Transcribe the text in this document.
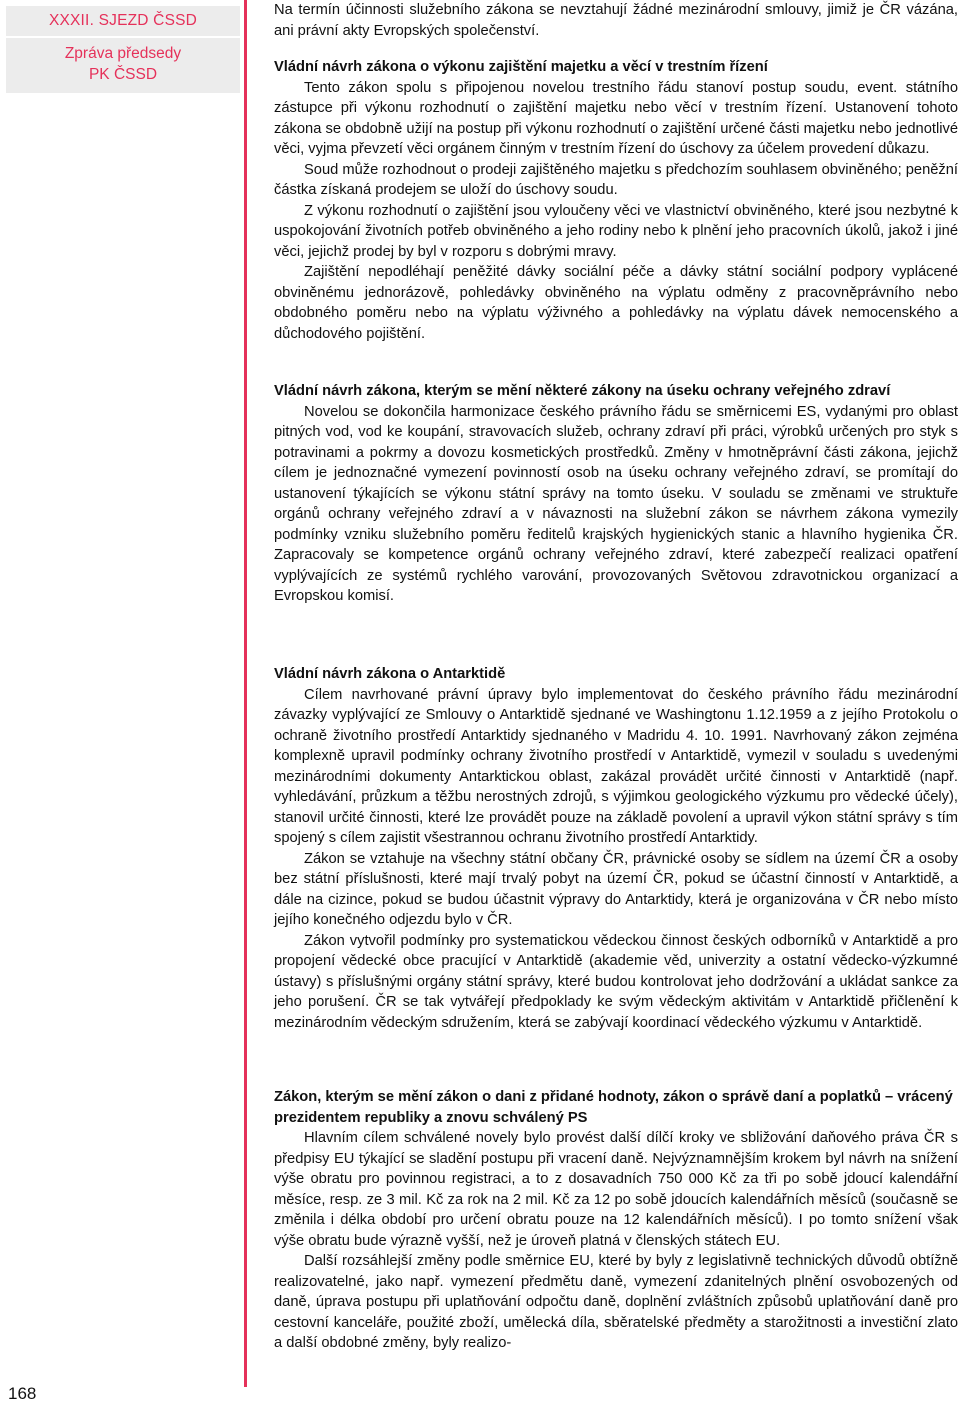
XXXII. SJEZD ČSSD
Zpráva předsedy
PK ČSSD
168

Na termín účinnosti služebního zákona se nevztahují žádné mezinárodní smlouvy, jimiž je ČR vázána, ani právní akty Evropských společenství.

Vládní návrh zákona o výkonu zajištění majetku a věcí v trestním řízení

Tento zákon spolu s připojenou novelou trestního řádu stanoví postup soudu, event. státního zástupce při výkonu rozhodnutí o zajištění majetku nebo věcí v trestním řízení. Ustanovení tohoto zákona se obdobně užijí na postup při výkonu rozhodnutí o zajištění určené části majetku nebo jednotlivé věci, vyjma převzetí věci orgánem činným v trestním řízení do úschovy za účelem provedení důkazu.

Soud může rozhodnout o prodeji zajištěného majetku s předchozím souhlasem obviněného; peněžní částka získaná prodejem se uloží do úschovy soudu.

Z výkonu rozhodnutí o zajištění jsou vyloučeny věci ve vlastnictví obviněného, které jsou nezbytné k uspokojování životních potřeb obviněného a jeho rodiny nebo k plnění jeho pracovních úkolů, jakož i jiné věci, jejichž prodej by byl v rozporu s dobrými mravy.

Zajištění nepodléhají peněžité dávky sociální péče a dávky státní sociální podpory vyplácené obviněnému jednorázově, pohledávky obviněného na výplatu odměny z pracovněprávního nebo obdobného poměru nebo na výplatu výživného a pohledávky na výplatu dávek nemocenského a důchodového pojištění.

Vládní návrh zákona, kterým se mění některé zákony na úseku ochrany veřejného zdraví

Novelou se dokončila harmonizace českého právního řádu se směrnicemi ES, vydanými pro oblast pitných vod, vod ke koupání, stravovacích služeb, ochrany zdraví při práci, výrobků určených pro styk s potravinami a pokrmy a dovozu kosmetických prostředků. Změny v hmotněprávní části zákona, jejichž cílem je jednoznačné vymezení povinností osob na úseku ochrany veřejného zdraví, se promítají do ustanovení týkajících se výkonu státní správy na tomto úseku. V souladu se změnami ve struktuře orgánů ochrany veřejného zdraví a v návaznosti na služební zákon se návrhem zákona vymezily podmínky vzniku služebního poměru ředitelů krajských hygienických stanic a hlavního hygienika ČR. Zapracovaly se kompetence orgánů ochrany veřejného zdraví, které zabezpečí realizaci opatření vyplývajících ze systémů rychlého varování, provozovaných Světovou zdravotnickou organizací a Evropskou komisí.

Vládní návrh zákona o Antarktidě

Cílem navrhované právní úpravy bylo implementovat do českého právního řádu mezinárodní závazky vyplývající ze Smlouvy o Antarktidě sjednané ve Washingtonu 1.12.1959 a z jejího Protokolu o ochraně životního prostředí Antarktidy sjednaného v Madridu 4. 10. 1991. Navrhovaný zákon zejména komplexně upravil podmínky ochrany životního prostředí v Antarktidě, vymezil v souladu s uvedenými mezinárodními dokumenty Antarktickou oblast, zakázal provádět určité činnosti v Antarktidě (např. vyhledávání, průzkum a těžbu nerostných zdrojů, s výjimkou geologického výzkumu pro vědecké účely), stanovil určité činnosti, které lze provádět pouze na základě povolení a upravil výkon státní správy s tím spojený s cílem zajistit všestrannou ochranu životního prostředí Antarktidy.

Zákon se vztahuje na všechny státní občany ČR, právnické osoby se sídlem na území ČR a osoby bez státní příslušnosti, které mají trvalý pobyt na území ČR, pokud se účastní činností v Antarktidě, a dále na cizince, pokud se budou účastnit výpravy do Antarktidy, která je organizována v ČR nebo místo jejího konečného odjezdu bylo v ČR.

Zákon vytvořil podmínky pro systematickou vědeckou činnost českých odborníků v Antarktidě a pro propojení vědecké obce pracující v Antarktidě (akademie věd, univerzity a ostatní vědecko-výzkumné ústavy) s příslušnými orgány státní správy, které budou kontrolovat jeho dodržování a ukládat sankce za jeho porušení. ČR se tak vytvářejí předpoklady ke svým vědeckým aktivitám v Antarktidě přičlenění k mezinárodním vědeckým sdružením, která se zabývají koordinací vědeckého výzkumu v Antarktidě.

Zákon, kterým se mění zákon o dani z přidané hodnoty, zákon o správě daní a poplatků – vrácený prezidentem republiky a znovu schválený PS

Hlavním cílem schválené novely bylo provést další dílčí kroky ve sbližování daňového práva ČR s předpisy EU týkající se sladění postupu při vracení daně. Nejvýznamnějším krokem byl návrh na snížení výše obratu pro povinnou registraci, a to z dosavadních 750 000 Kč za tři po sobě jdoucí kalendářní měsíce, resp. ze 3 mil. Kč za rok na 2 mil. Kč za 12 po sobě jdoucích kalendářních měsíců (současně se změnila i délka období pro určení obratu pouze na 12 kalendářních měsíců). I po tomto snížení však výše obratu bude výrazně vyšší, než je úroveň platná v členských státech EU.

Další rozsáhlejší změny podle směrnice EU, které by byly z legislativně technických důvodů obtížně realizovatelné, jako např. vymezení předmětu daně, vymezení zdanitelných plnění osvobozených od daně, úprava postupu při uplatňování odpočtu daně, doplnění zvláštních způsobů uplatňování daně pro cestovní kanceláře, použité zboží, umělecká díla, sběratelské předměty a starožitnosti a investiční zlato a další obdobné změny, byly realizo-
